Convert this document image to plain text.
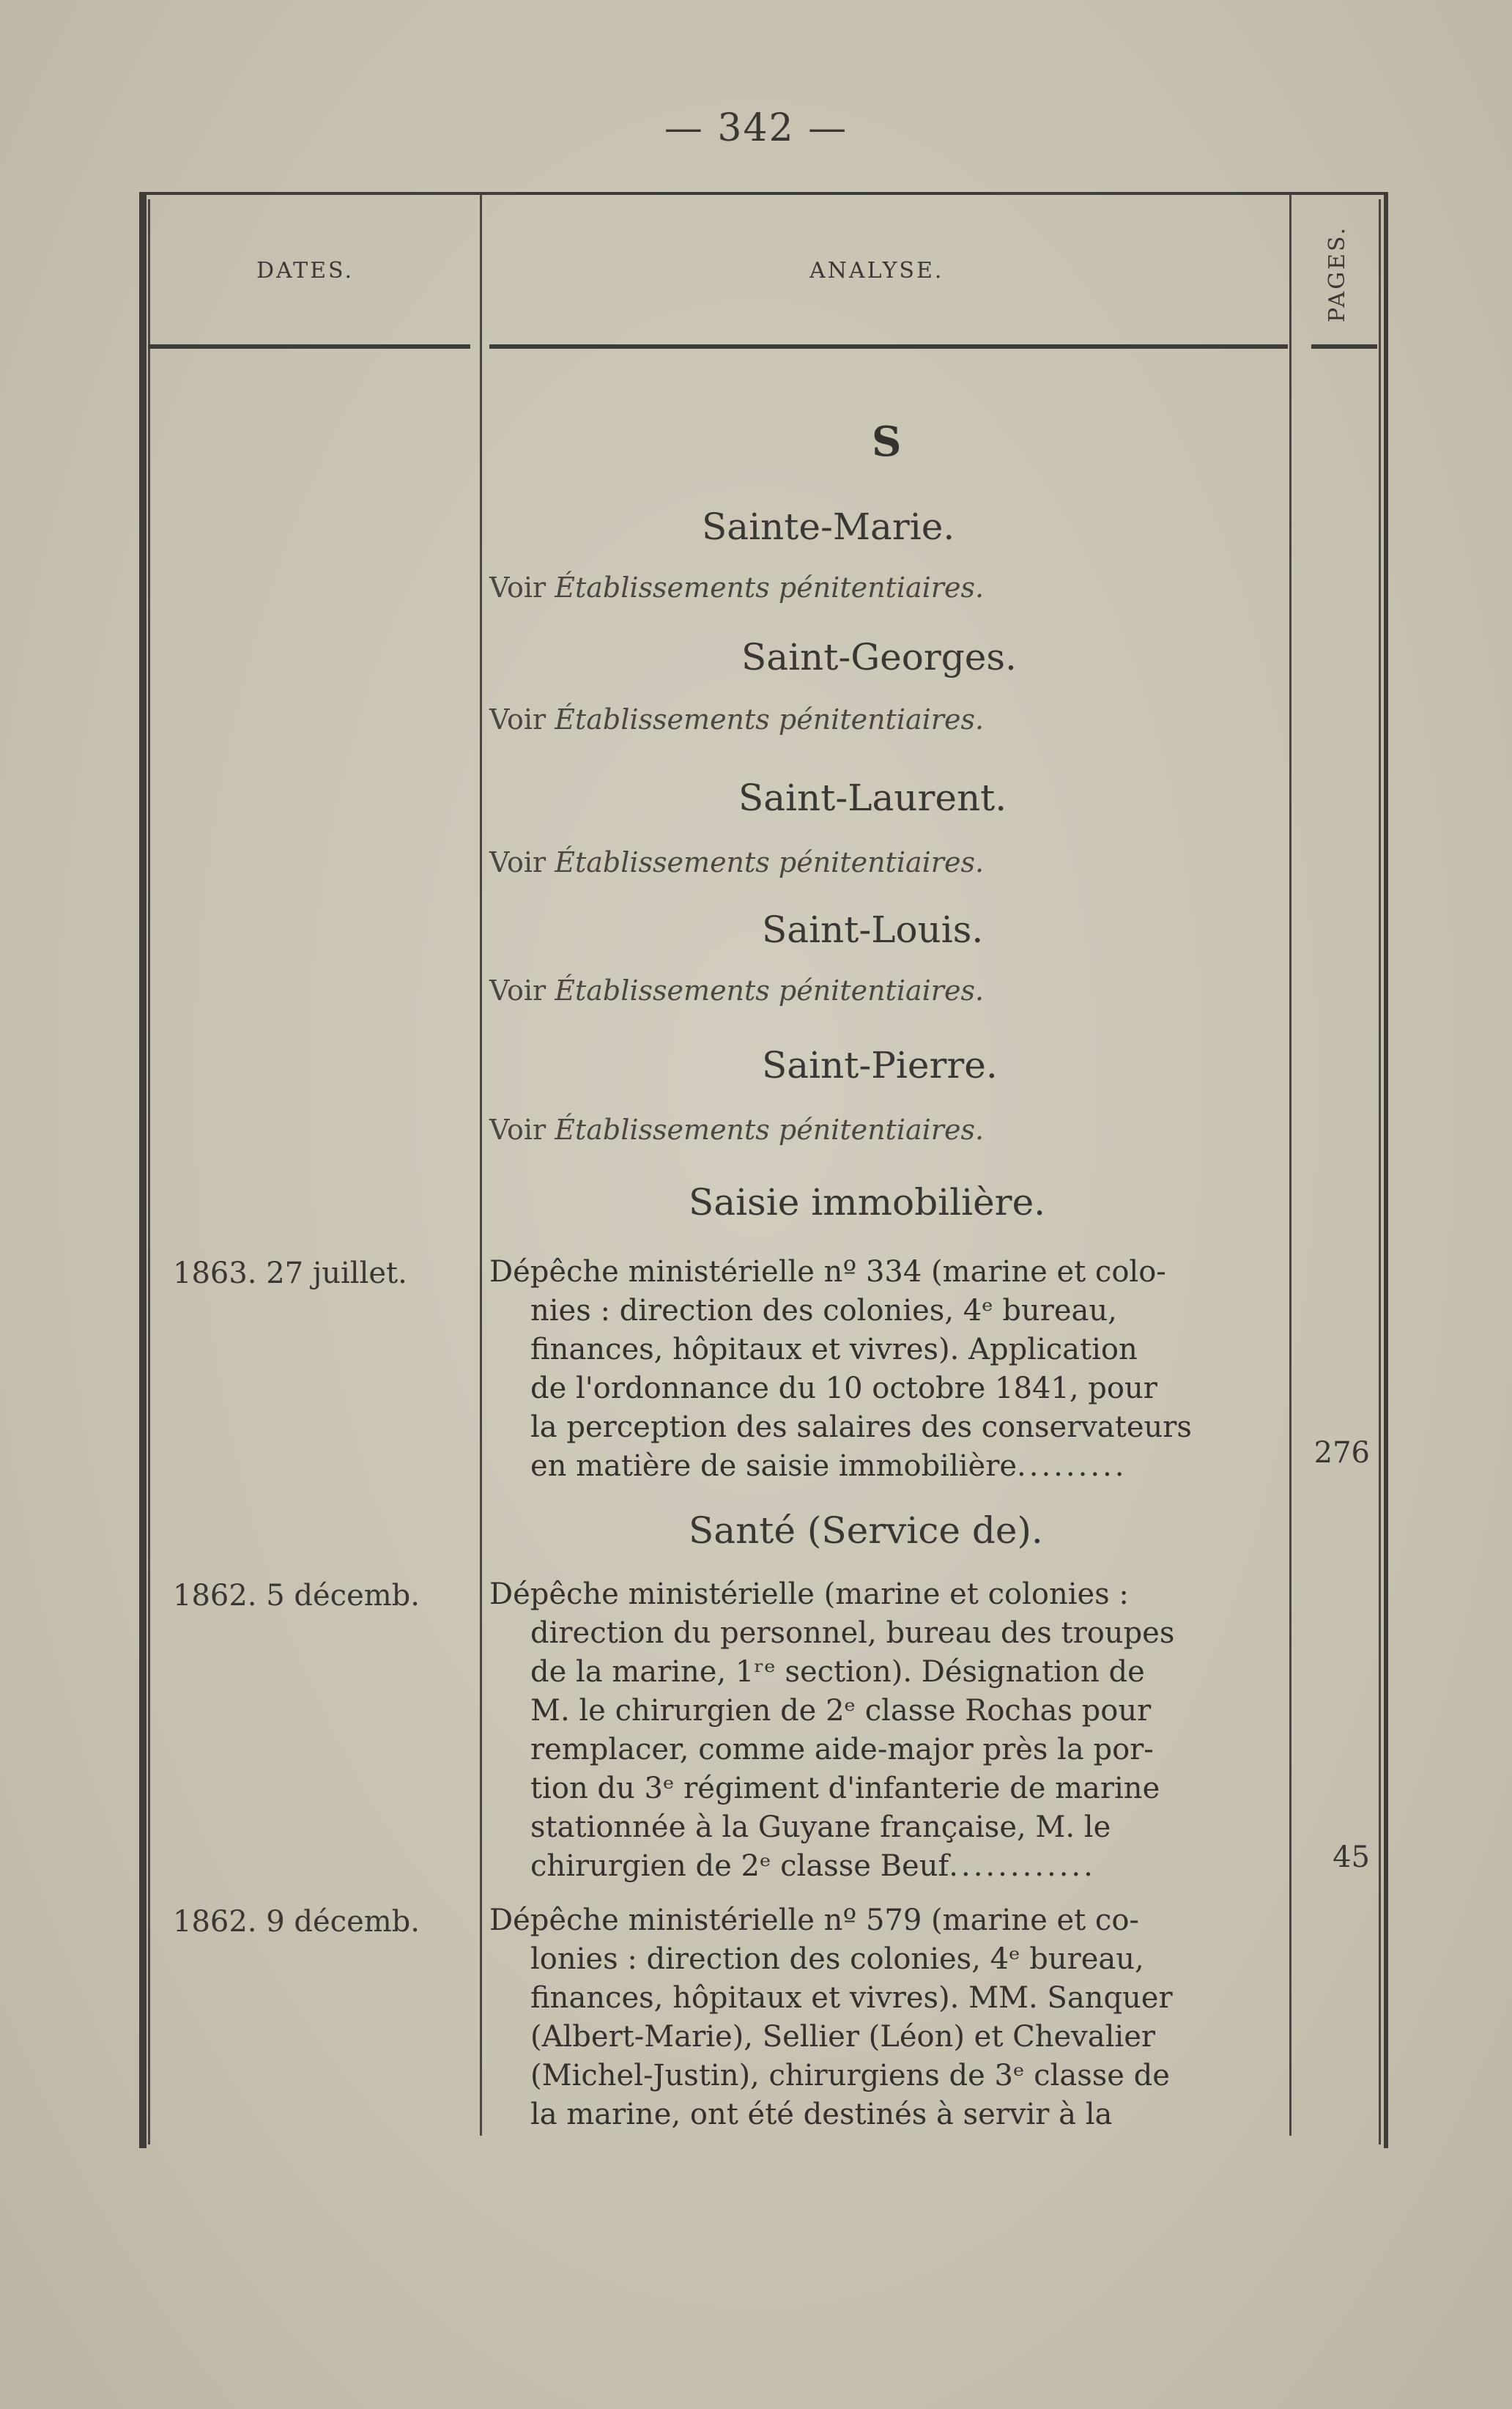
— 342 —
DATES.	ANALYSE.	PAGES.
S
Sainte-Marie.
Voir Établissements pénitentiaires.
Saint-Georges.
Voir Établissements pénitentiaires.
Saint-Laurent.
Voir Établissements pénitentiaires.
Saint-Louis.
Voir Établissements pénitentiaires.
Saint-Pierre.
Voir Établissements pénitentiaires.
Saisie immobilière.
1863. 27 juillet.	Dépêche ministérielle nº 334 (marine et colo-
nies : direction des colonies, 4ᵉ bureau,
finances, hôpitaux et vivres). Application
de l'ordonnance du 10 octobre 1841, pour
la perception des salaires des conservateurs
en matière de saisie immobilière.........	276
Santé (Service de).
1862. 5 décemb.	Dépêche ministérielle (marine et colonies :
direction du personnel, bureau des troupes
de la marine, 1ʳᵉ section). Désignation de
M. le chirurgien de 2ᵉ classe Rochas pour
remplacer, comme aide-major près la por-
tion du 3ᵉ régiment d'infanterie de marine
stationnée à la Guyane française, M. le
chirurgien de 2ᵉ classe Beuf............	45
1862. 9 décemb.	Dépêche ministérielle nº 579 (marine et co-
lonies : direction des colonies, 4ᵉ bureau,
finances, hôpitaux et vivres). MM. Sanquer
(Albert-Marie), Sellier (Léon) et Chevalier
(Michel-Justin), chirurgiens de 3ᵉ classe de
la marine, ont été destinés à servir à la
